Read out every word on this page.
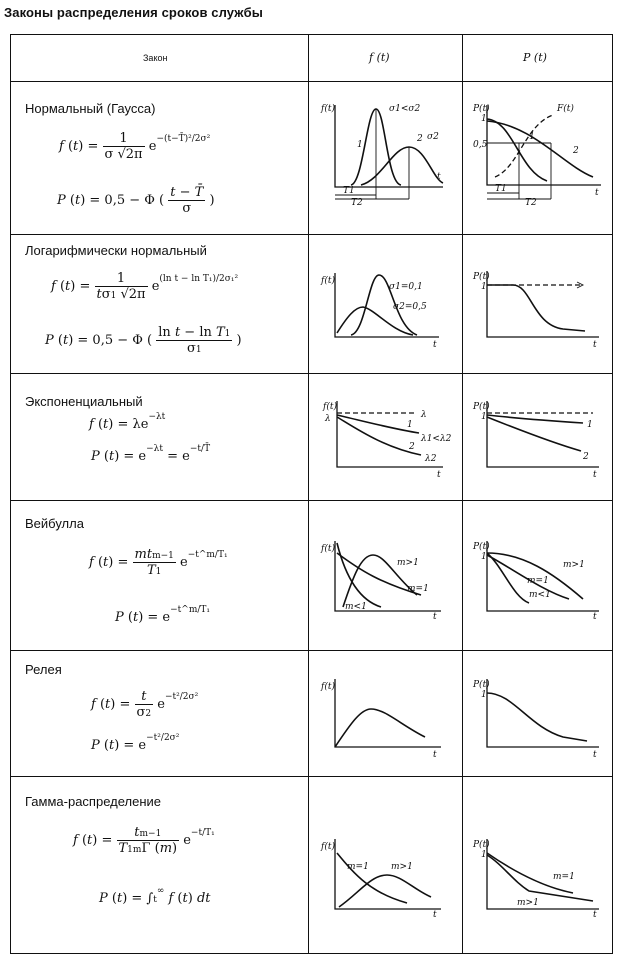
Законы распределения сроков службы
Закон	f (t)	P (t)
Нормальный (Гаусса)
f $(t) = \frac{1}{\sigma √2\pi} e^{-(t-T̄)^2/2\sigma^2}$
P (t) = 0,5 − Φ ( $\frac{t - T̄}{\sigma}$ )
Логарифмически нормальный
f $(t) = \frac{1}{t\sigma 1 √2\pi} e^{(ln t - ln T_1)/2\sigma_1^2}$
P (t) = 0,5 − Φ ( $\frac{\text{ln t − ln T1}}{\sigma 1}$ )
Экспоненциальный
f $(t) = \lambda e^{-\lambda t}$
P $(t) = e^{-\lambda t} = e^{-t/T̄}$
Вейбулла
f $(t) = \frac{\text{mtm−1}}{T1} e^{-t\^{}m/T_1}$
P $(t) = e^{-t\^{}m/T_1}$
Релея
f $(t) = \frac{t}{\sigma 2} e^{-t^2/2\sigma^2}$
P $(t) = e^{-t^2/2\sigma^2}$
Гамма-распределение
f $(t) = \frac{tm-1}{T1m\Gamma (m)} e^{-t/T_1}$
P (t) = ∫t∞ f (t) dt
f(t)
t
1
2
σ1<σ2
σ2
T1
T2
P(t)
t
1
0,5
F(t)
1
2
T1
T2
f(t)
t
σ1=0,1
σ2=0,5
P(t)
1
t
f(t)
λ
t
λ
1
2
λ1<λ2
λ2
P(t)
1
t
1
2
f(t)
t
m>1
m=1
m<1
P(t)
1
t
m>1
m=1
m<1
f(t)
t
P(t)
1
t
f(t)
t
m=1 m>1
P(t)
1
t
m=1
m>1
